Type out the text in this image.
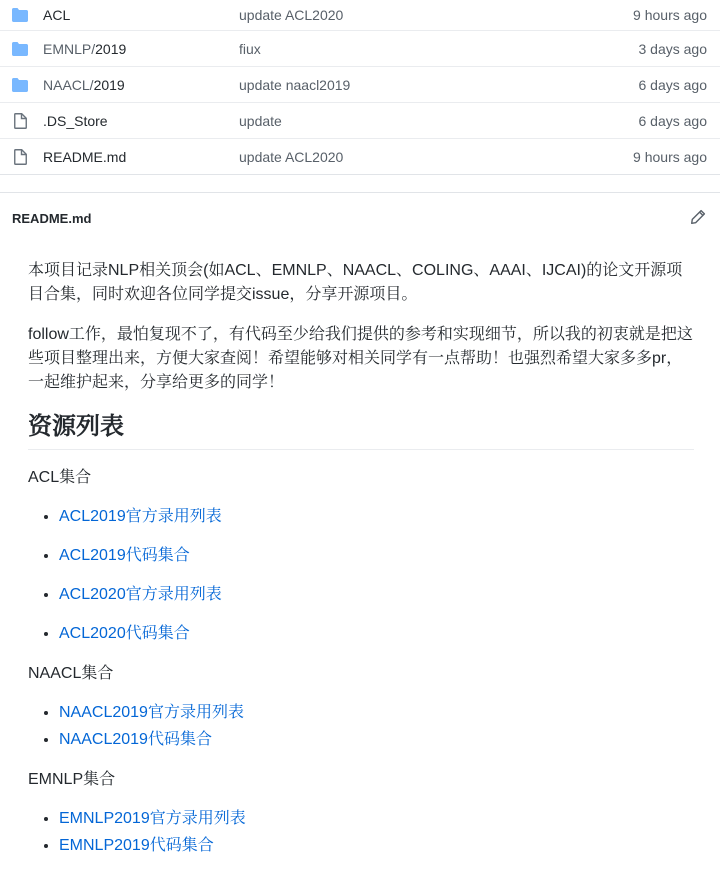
ACL	update ACL2020	9 hours ago
EMNLP/2019	fiux	3 days ago
NAACL/2019	update naacl2019	6 days ago
.DS_Store	update	6 days ago
README.md	update ACL2020	9 hours ago
README.md

本项目记录NLP相关顶会(如ACL、EMNLP、NAACL、COLING、AAAI、IJCAI)的论文开源项目合集，同时欢迎各位同学提交issue，分享开源项目。

follow工作，最怕复现不了，有代码至少给我们提供的参考和实现细节，所以我的初衷就是把这些项目整理出来，方便大家查阅！希望能够对相关同学有一点帮助！也强烈希望大家多多pr，一起维护起来，分享给更多的同学！

资源列表

ACL集合

• ACL2019官方录用列表
• ACL2019代码集合
• ACL2020官方录用列表
• ACL2020代码集合

NAACL集合

• NAACL2019官方录用列表
• NAACL2019代码集合

EMNLP集合

• EMNLP2019官方录用列表
• EMNLP2019代码集合
